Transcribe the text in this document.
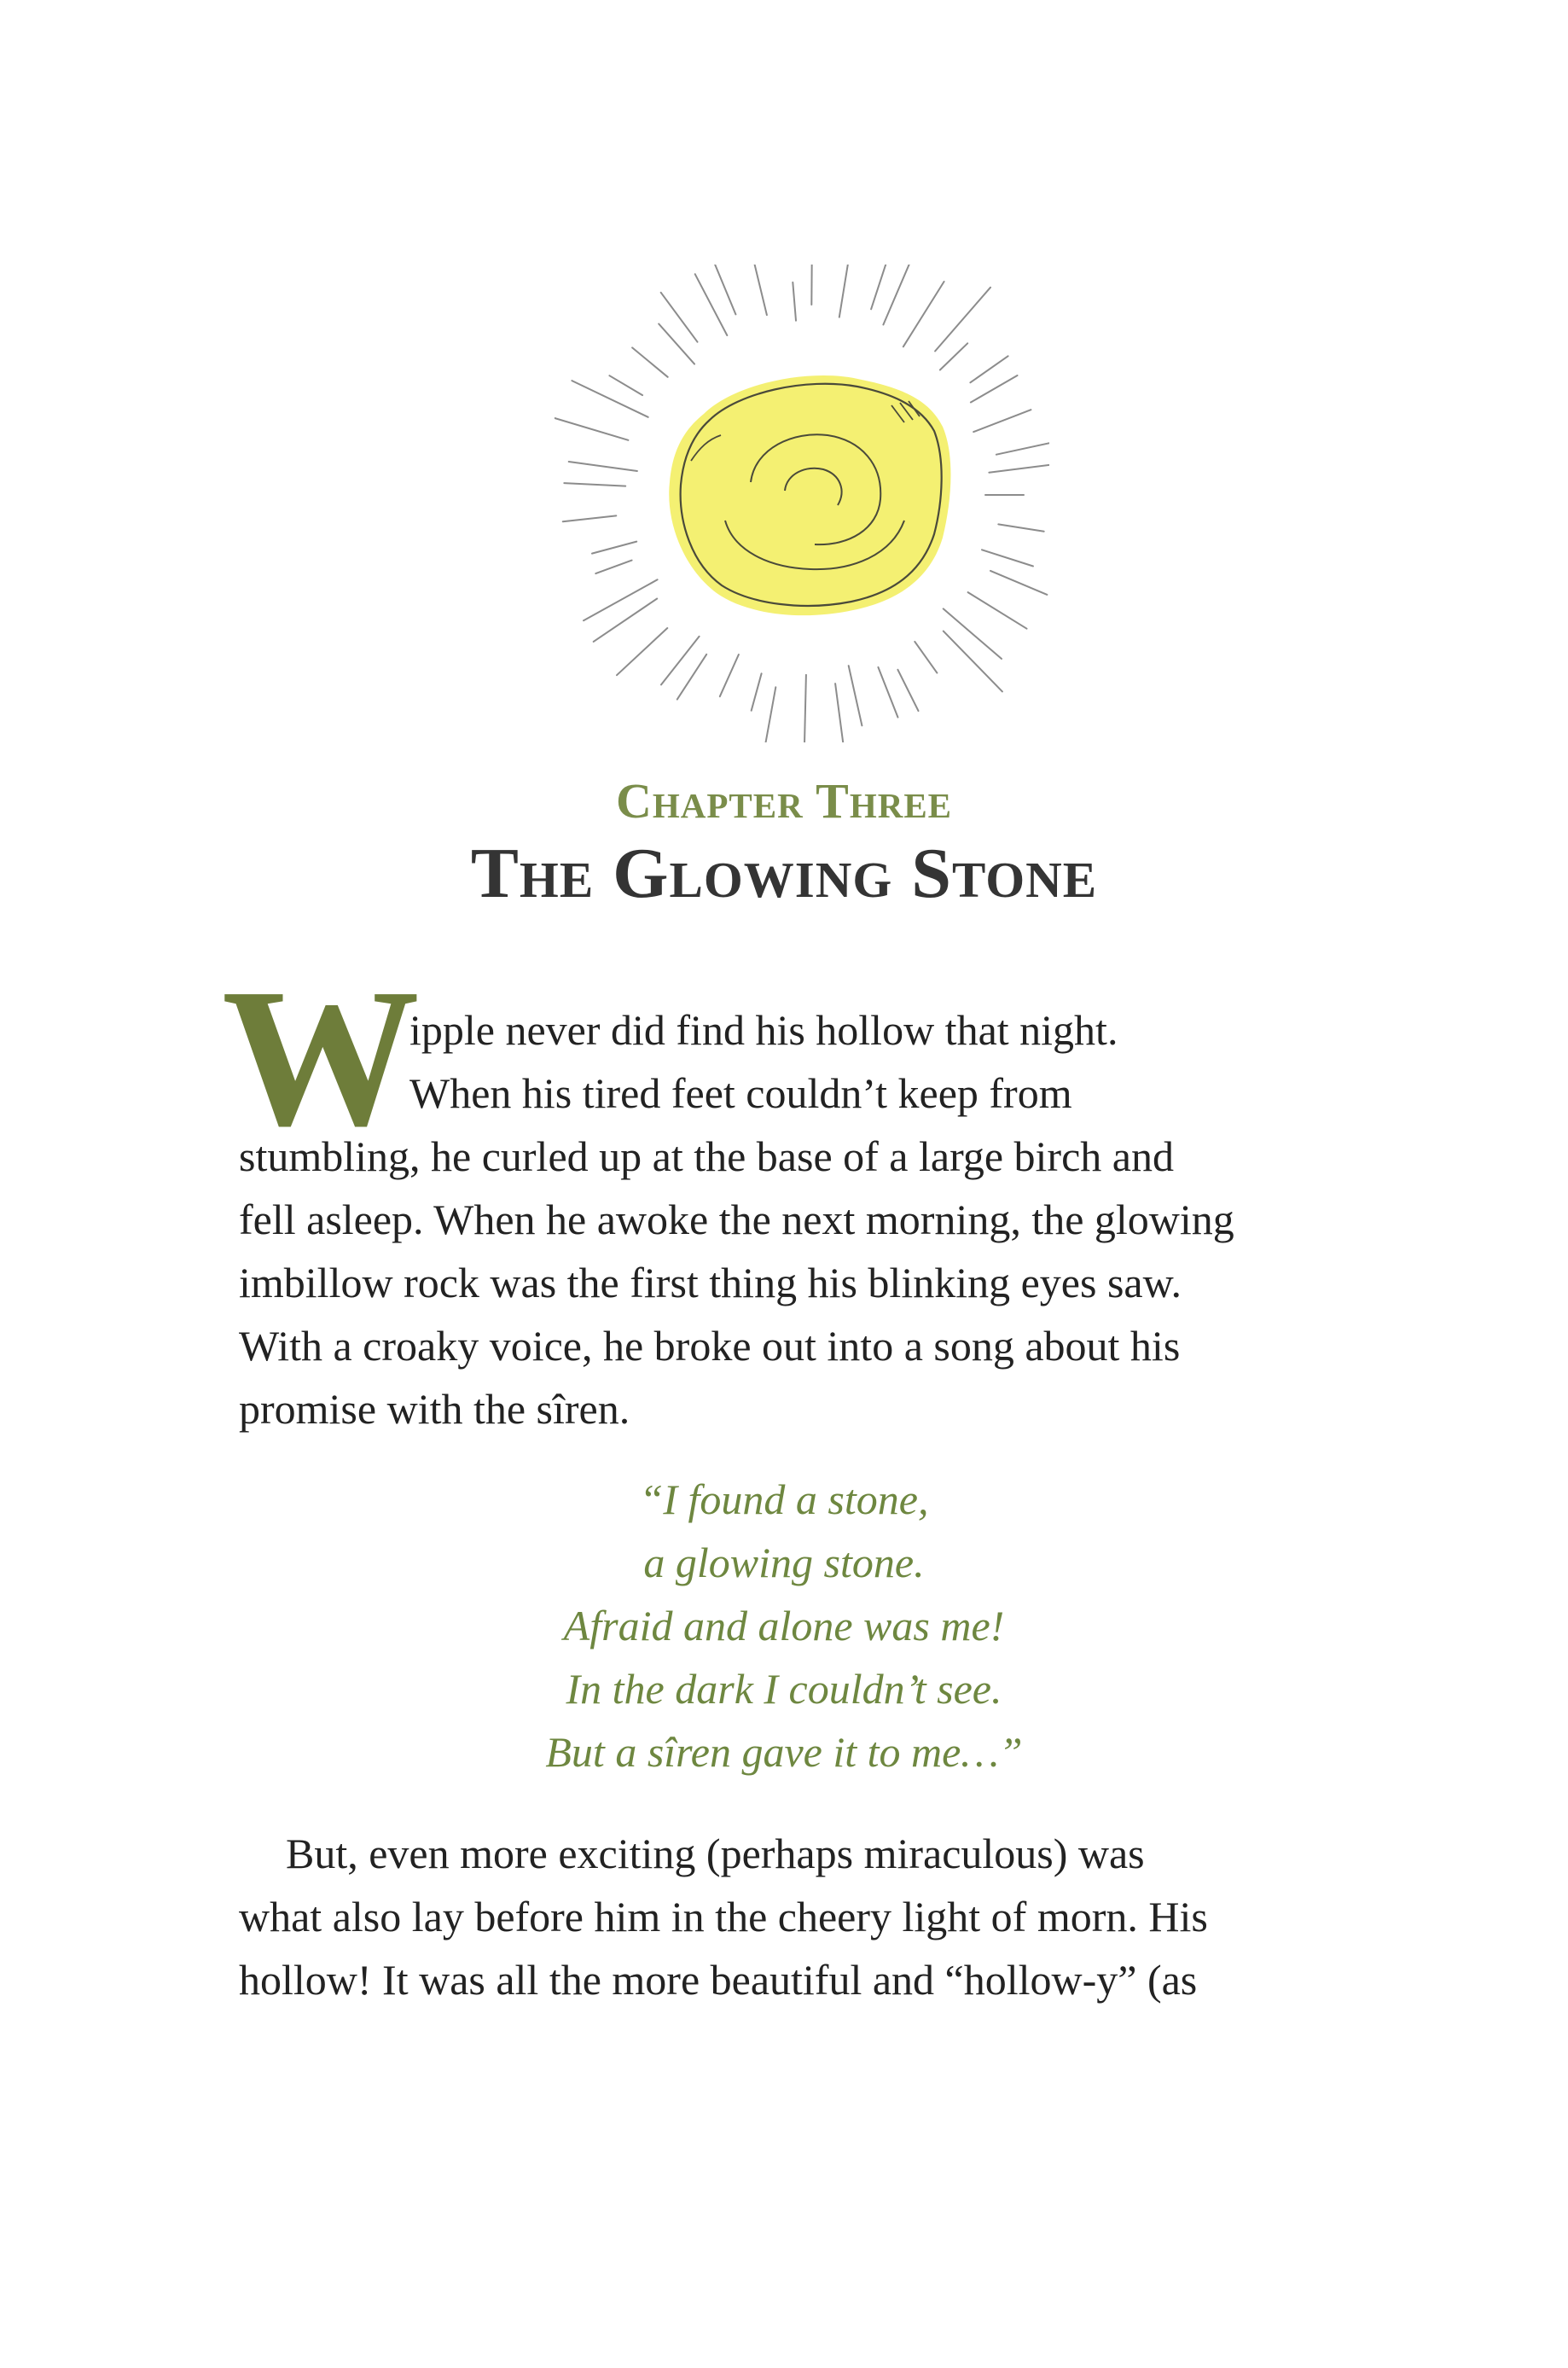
Chapter Three
The Glowing Stone
W
ipple never did find his hollow that night.
When his tired feet couldn’t keep from
stumbling, he curled up at the base of a large birch and
fell asleep. When he awoke the next morning, the glowing
imbillow rock was the first thing his blinking eyes saw.
With a croaky voice, he broke out into a song about his
promise with the sîren.
“I found a stone,
a glowing stone.
Afraid and alone was me!
In the dark I couldn’t see.
But a sîren gave it to me…”
But, even more exciting (perhaps miraculous) was
what also lay before him in the cheery light of morn. His
hollow! It was all the more beautiful and “hollow-y” (as
